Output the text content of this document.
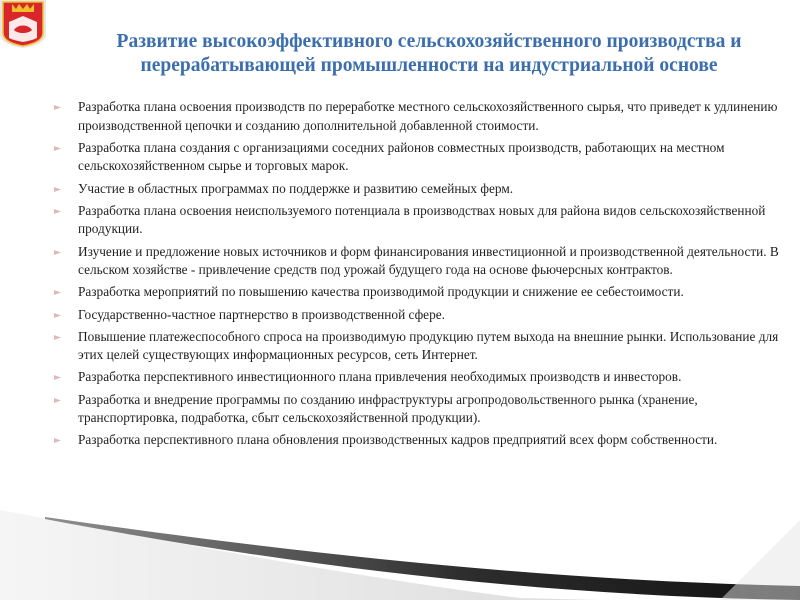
Развитие высокоэффективного сельскохозяйственного производства и
перерабатывающей промышленности на индустриальной основе
Разработка плана освоения производств по переработке местного сельскохозяйственного сырья, что приведет к удлинению производственной цепочки и созданию дополнительной добавленной стоимости.
Разработка плана создания с организациями соседних районов совместных производств, работающих на местном сельскохозяйственном сырье и торговых марок.
Участие в областных программах по поддержке и развитию семейных ферм.
Разработка плана освоения неиспользуемого потенциала в производствах новых для района видов сельскохозяйственной продукции.
Изучение и предложение новых источников и форм финансирования инвестиционной и производственной деятельности. В сельском хозяйстве - привлечение средств под урожай будущего года на основе фьючерсных контрактов.
Разработка мероприятий по повышению качества производимой продукции и снижение ее себестоимости.
Государственно-частное партнерство в производственной сфере.
Повышение платежеспособного спроса на производимую продукцию путем выхода на внешние рынки. Использование для этих целей существующих информационных ресурсов, сеть Интернет.
Разработка перспективного инвестиционного плана привлечения необходимых производств и инвесторов.
Разработка и внедрение программы по созданию инфраструктуры агропродовольственного рынка (хранение, транспортировка, подработка, сбыт сельскохозяйственной продукции).
Разработка перспективного плана обновления производственных кадров предприятий всех форм собственности.
